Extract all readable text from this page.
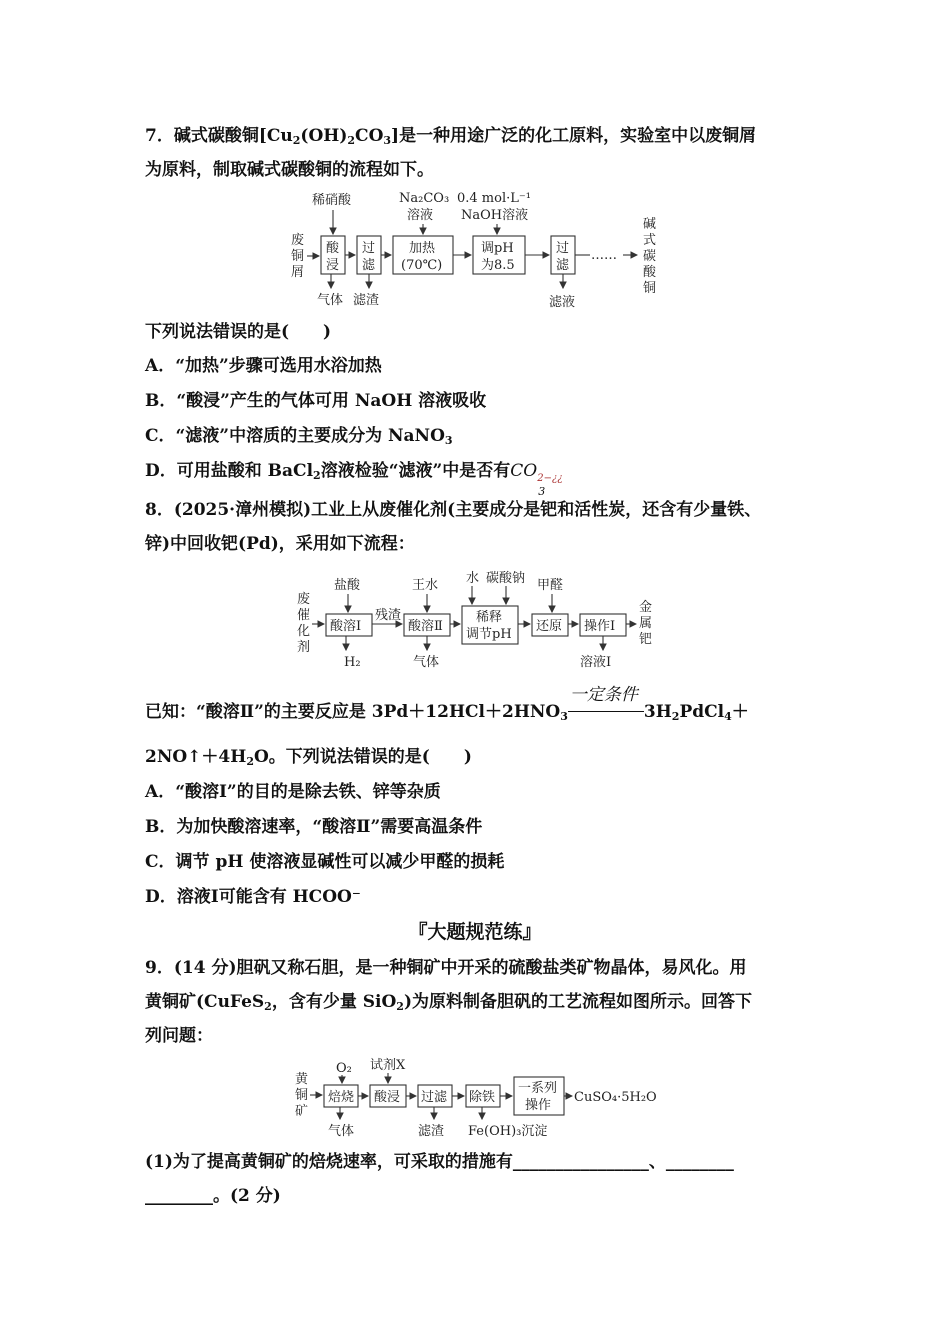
7．碱式碳酸铜$[Cu_2(OH)_2CO_3]$是一种用途广泛的化工原料，实验室中以废铜屑
为原料，制取碱式碳酸铜的流程如下。
废
铜
屑
稀硝酸	Na₂CO₃
溶液
0.4 mol·L⁻¹
NaOH溶液
酸
浸
过
滤
加热
(70℃)
调pH
为8.5
过
滤
……
碱
式
碳
酸
铜
气体 滤渣	滤液
下列说法错误的是(　　)
A．“加热”步骤可选用水浴加热
B．“酸浸”产生的气体可用 NaOH 溶液吸收
C．“滤液”中溶质的主要成分为 NaNO$_3$
D．可用盐酸和 BaCl$_2$溶液检验“滤液”中是否有CO 2−¿¿
3
8．(2025·漳州模拟)工业上从废催化剂(主要成分是钯和活性炭，还含有少量铁、
锌)中回收钯(Pd)，采用如下流程：
废
催
化
剂
盐酸	王水 水 碳酸钠 甲醛
酸溶Ⅰ
残渣
酸溶Ⅱ
稀释
调节pH
还原 操作Ⅰ
金
属
钯
H₂	气体	溶液Ⅰ
已知：“酸溶Ⅱ”的主要反应是 $3Pd+12HCl+2HNO_3$
一定条件
$3H_2PdCl_4+$
$2NO↑+4H_2O$。下列说法错误的是(　　)
A．“酸溶Ⅰ”的目的是除去铁、锌等杂质
B．为加快酸溶速率，“酸溶Ⅱ”需要高温条件
C．调节 pH 使溶液显碱性可以减少甲醛的损耗
D．溶液Ⅰ可能含有 HCOO⁻
『大题规范练』
9．(14 分)胆矾又称石胆，是一种铜矿中开采的硫酸盐类矿物晶体，易风化。用
黄铜矿(CuFeS$_2$，含有少量 SiO$_2$)为原料制备胆矾的工艺流程如图所示。回答下
列问题：
黄
铜
矿
O₂ 试剂X
焙烧 酸浸 过滤 除铁
一系列
操作
CuSO₄·5H₂O
气体	滤渣 Fe(OH)₃沉淀
(1)为了提高黄铜矿的焙烧速率，可采取的措施有________________、________
________。(2 分)
